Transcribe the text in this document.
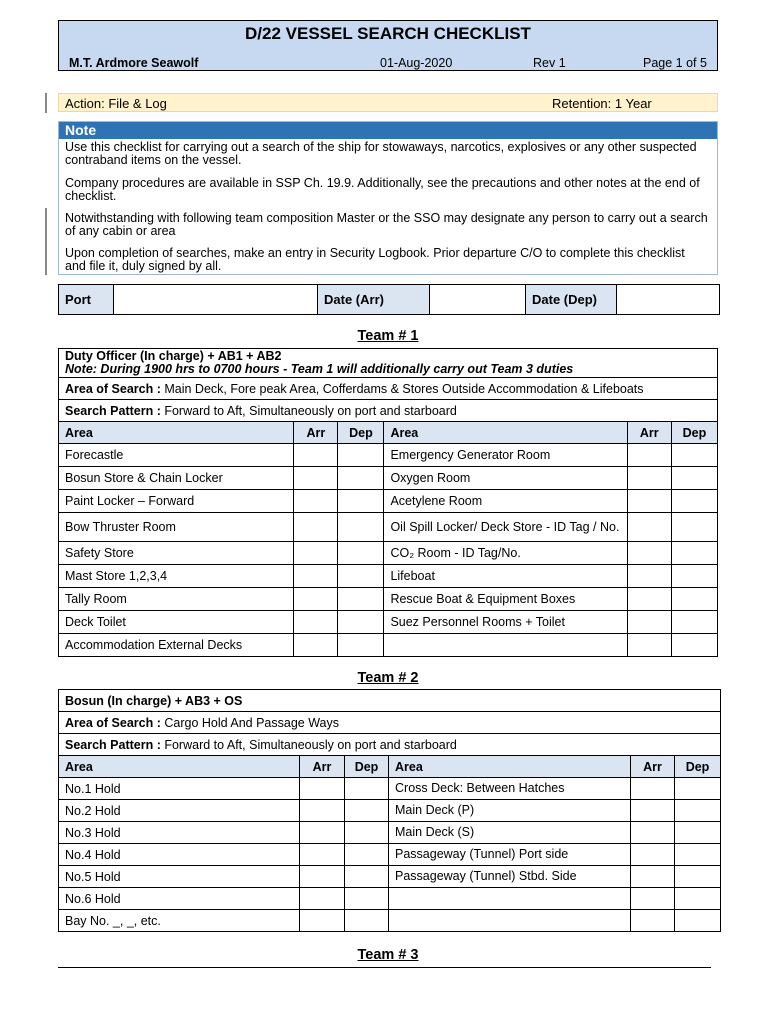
D/22 VESSEL SEARCH CHECKLIST
M.T. Ardmore Seawolf	01-Aug-2020	Rev 1	Page 1 of 5
Action: File & Log	Retention: 1 Year
Note
Use this checklist for carrying out a search of the ship for stowaways, narcotics, explosives or any other suspected contraband items on the vessel.
Company procedures are available in SSP Ch. 19.9. Additionally, see the precautions and other notes at the end of checklist.
Notwithstanding with following team composition Master or the SSO may designate any person to carry out a search of any cabin or area
Upon completion of searches, make an entry in Security Logbook. Prior departure C/O to complete this checklist and file it, duly signed by all.
Port	Date (Arr)	Date (Dep)
Team # 1
Duty Officer (In charge) + AB1 + AB2
Note: During 1900 hrs to 0700 hours - Team 1 will additionally carry out Team 3 duties					

Area of Search : Main Deck, Fore peak Area, Cofferdams & Stores Outside Accommodation & Lifeboats					
Search Pattern : Forward to Aft, Simultaneously on port and starboard					
Area	Arr	Dep	Area	Arr	Dep
Forecastle			Emergency Generator Room		
Bosun Store & Chain Locker			Oxygen Room		
Paint Locker – Forward			Acetylene Room		
Bow Thruster Room			Oil Spill Locker/ Deck Store - ID Tag / No.		
Safety Store			CO₂ Room - ID Tag/No.		
Mast Store 1,2,3,4			Lifeboat		
Tally Room			Rescue Boat & Equipment Boxes		
Deck Toilet			Suez Personnel Rooms + Toilet		
Accommodation External Decks					
Team # 2
Bosun (In charge) + AB3 + OS					
Area of Search : Cargo Hold And Passage Ways					
Search Pattern : Forward to Aft, Simultaneously on port and starboard					
Area	Arr	Dep	Area	Arr	Dep
No.1 Hold			Cross Deck: Between Hatches		
No.2 Hold			Main Deck (P)		
No.3 Hold			Main Deck (S)		
No.4 Hold			Passageway (Tunnel) Port side		
No.5 Hold			Passageway (Tunnel) Stbd. Side		
No.6 Hold					
Bay No. _, _, etc.					
Team # 3
